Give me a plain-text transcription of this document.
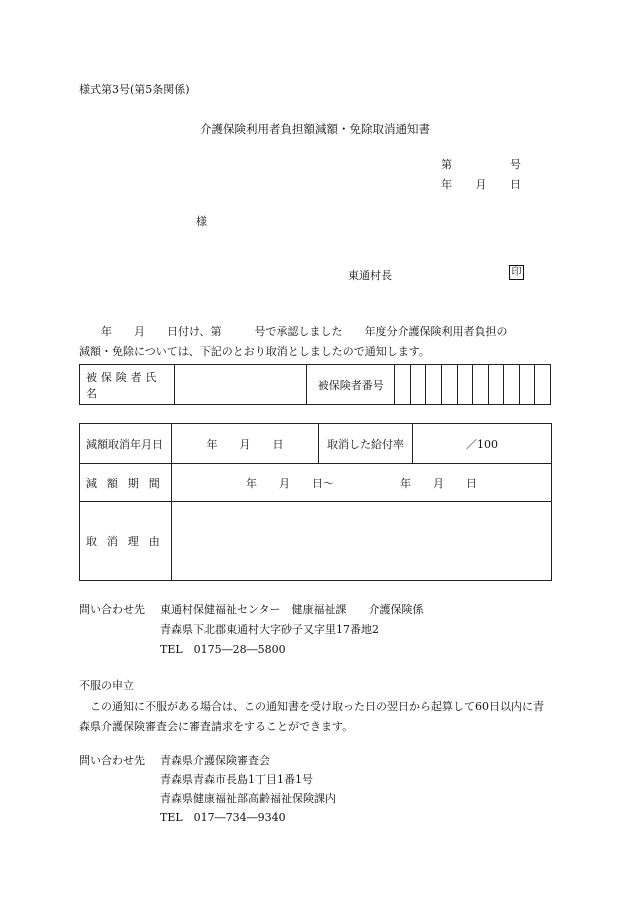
様式第3号(第5条関係)
介護保険利用者負担額減額・免除取消通知書
第	号
年 月 日
様
東通村長	印
　　年　　月　　日付け、第　　　号で承認しました　　年度分介護保険利用者負担の
減額・免除については、下記のとおり取消としましたので通知します。
被保険者氏名		被保険者番号										
減額取消年月日	年　　月　　日	取消した給付率	／100
減額期間	年　　月　　日～　　　　　　年　　月　　日		
取消理由			
問い合わせ先	東通村保健福祉センター　健康福祉課　　介護保険係
青森県下北郡東通村大字砂子又字里17番地2
TEL　0175―28―5800
不服の申立
　この通知に不服がある場合は、この通知書を受け取った日の翌日から起算して60日以内に青森県介護保険審査会に審査請求をすることができます。
問い合わせ先	青森県介護保険審査会
青森県青森市長島1丁目1番1号
青森県健康福祉部高齢福祉保険課内
TEL　017―734―9340
